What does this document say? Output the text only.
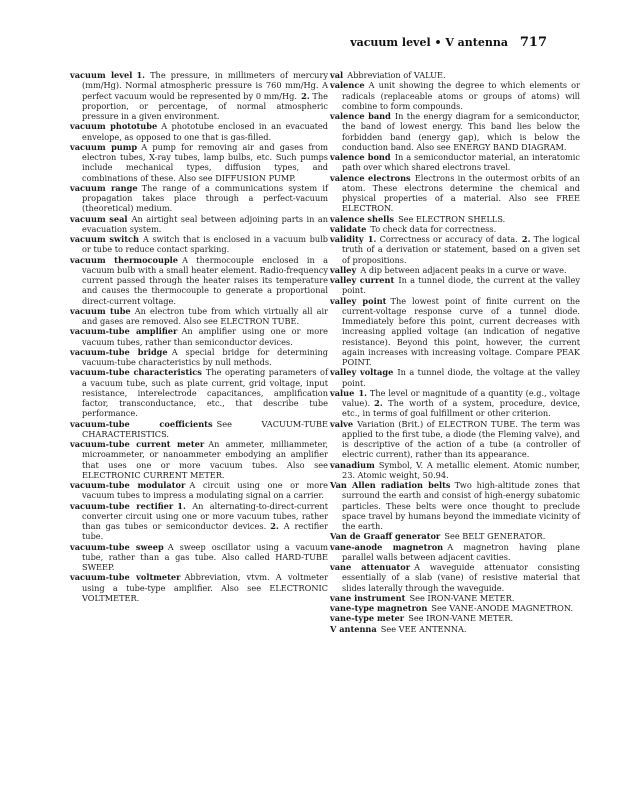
vacuum level • V antenna 717

vacuum level  1. The pressure, in millimeters of mercury (mm/Hg). Normal atmospheric pressure is 760 mm/Hg. A perfect vacuum would be represented by 0 mm/Hg.  2. The proportion, or percentage, of normal atmospheric pressure in a given environment.

vacuum phototube  A phototube enclosed in an evacuated envelope, as opposed to one that is gas-filled.

vacuum pump  A pump for removing air and gases from electron tubes, X-ray tubes, lamp bulbs, etc. Such pumps include mechanical types, diffusion types, and combinations of these. Also see DIFFUSION PUMP.

vacuum range  The range of a communications system if propagation takes place through a perfect-vacuum (theoretical) medium.

vacuum seal  An airtight seal between adjoining parts in an evacuation system.

vacuum switch  A switch that is enclosed in a vacuum bulb or tube to reduce contact sparking.

vacuum thermocouple  A thermocouple enclosed in a vacuum bulb with a small heater element. Radio-frequency current passed through the heater raises its temperature and causes the thermocouple to generate a proportional direct-current voltage.

vacuum tube  An electron tube from which virtually all air and gases are removed. Also see ELECTRON TUBE.

vacuum-tube amplifier  An amplifier using one or more vacuum tubes, rather than semiconductor devices.

vacuum-tube bridge  A special bridge for determining vacuum-tube characteristics by null methods.

vacuum-tube characteristics  The operating parameters of a vacuum tube, such as plate current, grid voltage, input resistance, interelectrode capacitances, amplification factor, transconductance, etc., that describe tube performance.

vacuum-tube coefficients  See VACUUM-TUBE CHARACTERISTICS.

vacuum-tube current meter  An ammeter, milliammeter, microammeter, or nanoammeter embodying an amplifier that uses one or more vacuum tubes. Also see ELECTRONIC CURRENT METER.

vacuum-tube modulator  A circuit using one or more vacuum tubes to impress a modulating signal on a carrier.

vacuum-tube rectifier  1. An alternating-to-direct-current converter circuit using one or more vacuum tubes, rather than gas tubes or semiconductor devices.  2. A rectifier tube.

vacuum-tube sweep  A sweep oscillator using a vacuum tube, rather than a gas tube. Also called HARD-TUBE SWEEP.

vacuum-tube voltmeter  Abbreviation, vtvm. A voltmeter using a tube-type amplifier. Also see ELECTRONIC VOLTMETER.

val  Abbreviation of VALUE.

valence  A unit showing the degree to which elements or radicals (replaceable atoms or groups of atoms) will combine to form compounds.

valence band  In the energy diagram for a semiconductor, the band of lowest energy. This band lies below the forbidden band (energy gap), which is below the conduction band. Also see ENERGY BAND DIAGRAM.

valence bond  In a semiconductor material, an interatomic path over which shared electrons travel.

valence electrons  Electrons in the outermost orbits of an atom. These electrons determine the chemical and physical properties of a material. Also see FREE ELECTRON.

valence shells  See ELECTRON SHELLS.

validate  To check data for correctness.

validity  1. Correctness or accuracy of data.  2. The logical truth of a derivation or statement, based on a given set of propositions.

valley  A dip between adjacent peaks in a curve or wave.

valley current  In a tunnel diode, the current at the valley point.

valley point  The lowest point of finite current on the current-voltage response curve of a tunnel diode. Immediately before this point, current decreases with increasing applied voltage (an indication of negative resistance). Beyond this point, however, the current again increases with increasing voltage. Compare PEAK POINT.

valley voltage  In a tunnel diode, the voltage at the valley point.

value  1. The level or magnitude of a quantity (e.g., voltage value).  2. The worth of a system, procedure, device, etc., in terms of goal fulfillment or other criterion.

valve  Variation (Brit.) of ELECTRON TUBE. The term was applied to the first tube, a diode (the Fleming valve), and is descriptive of the action of a tube (a controller of electric current), rather than its appearance.

vanadium  Symbol, V. A metallic element. Atomic number, 23. Atomic weight, 50.94.

Van Allen radiation belts  Two high-altitude zones that surround the earth and consist of high-energy subatomic particles. These belts were once thought to preclude space travel by humans beyond the immediate vicinity of the earth.

Van de Graaff generator  See BELT GENERATOR.

vane-anode magnetron  A magnetron having plane parallel walls between adjacent cavities.

vane attenuator  A waveguide attenuator consisting essentially of a slab (vane) of resistive material that slides laterally through the waveguide.

vane instrument  See IRON-VANE METER.

vane-type magnetron  See VANE-ANODE MAGNETRON.

vane-type meter  See IRON-VANE METER.

V antenna  See VEE ANTENNA.
